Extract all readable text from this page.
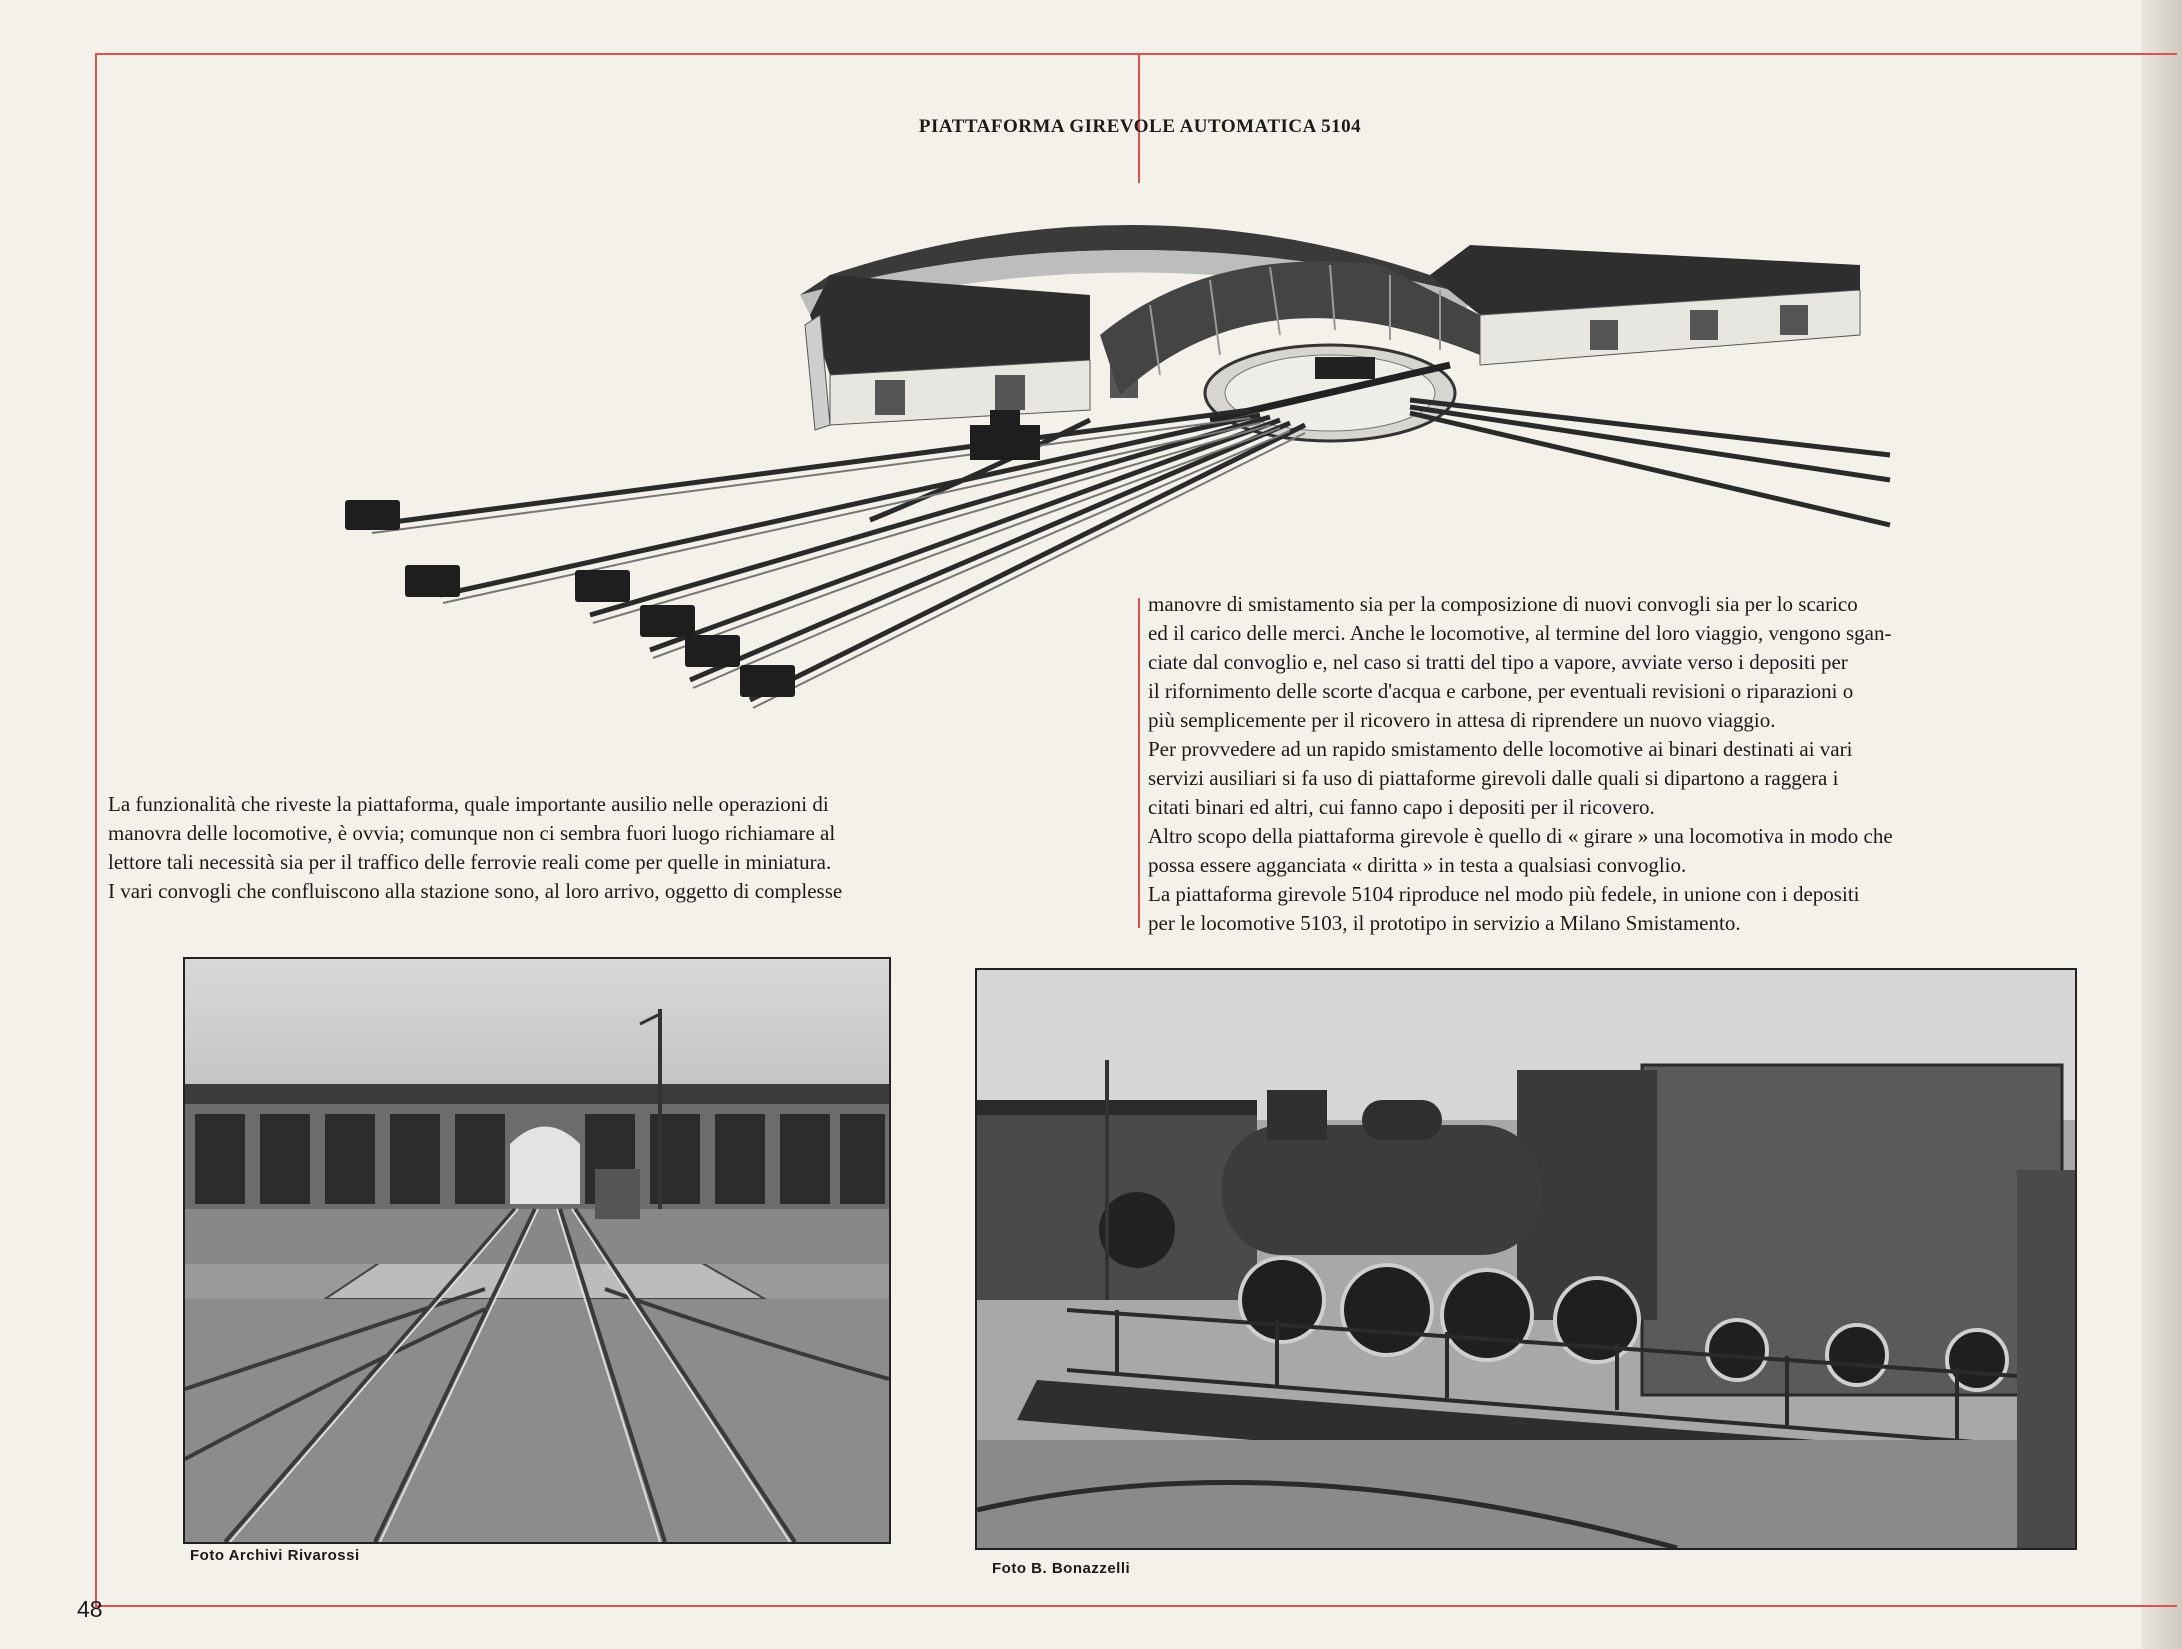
PIATTAFORMA GIREVOLE AUTOMATICA 5104

La funzionalità che riveste la piattaforma, quale importante ausilio nelle operazioni di
manovra delle locomotive, è ovvia; comunque non ci sembra fuori luogo richiamare al
lettore tali necessità sia per il traffico delle ferrovie reali come per quelle in miniatura.
I vari convogli che confluiscono alla stazione sono, al loro arrivo, oggetto di complesse

manovre di smistamento sia per la composizione di nuovi convogli sia per lo scarico
ed il carico delle merci. Anche le locomotive, al termine del loro viaggio, vengono sgan-
ciate dal convoglio e, nel caso si tratti del tipo a vapore, avviate verso i depositi per
il rifornimento delle scorte d'acqua e carbone, per eventuali revisioni o riparazioni o
più semplicemente per il ricovero in attesa di riprendere un nuovo viaggio.

Per provvedere ad un rapido smistamento delle locomotive ai binari destinati ai vari
servizi ausiliari si fa uso di piattaforme girevoli dalle quali si dipartono a raggera i
citati binari ed altri, cui fanno capo i depositi per il ricovero.

Altro scopo della piattaforma girevole è quello di « girare » una locomotiva in modo che
possa essere agganciata « diritta » in testa a qualsiasi convoglio.

La piattaforma girevole 5104 riproduce nel modo più fedele, in unione con i depositi
per le locomotive 5103, il prototipo in servizio a Milano Smistamento.

Foto Archivi Rivarossi
Foto B. Bonazzelli
48
